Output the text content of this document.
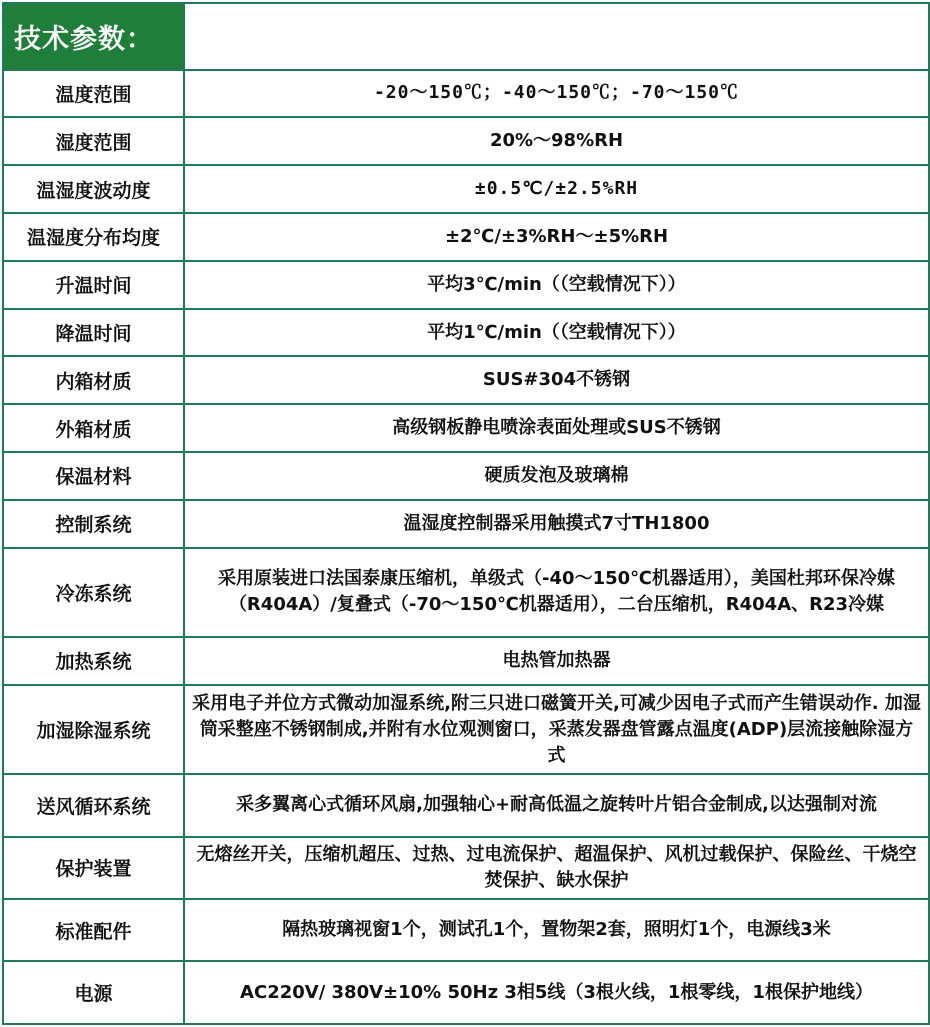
技术参数：	
温度范围	-20～150℃；-40～150℃；-70～150℃
湿度范围	20%～98%RH
温湿度波动度	±0.5℃/±2.5%RH
温湿度分布均度	±2℃/±3%RH～±5%RH
升温时间	平均3℃/min（（空载情况下））
降温时间	平均1℃/min（（空载情况下））
内箱材质	SUS#304不锈钢
外箱材质	高级钢板静电喷涂表面处理或SUS不锈钢
保温材料	硬质发泡及玻璃棉
控制系统	温湿度控制器采用触摸式7寸TH1800
冷冻系统	采用原装进口法国泰康压缩机，单级式（-40～150℃机器适用），美国杜邦环保冷媒（R404A）/复叠式（-70～150℃机器适用），二台压缩机，R404A、R23冷媒
加热系统	电热管加热器
加湿除湿系统	采用电子并位方式微动加湿系统,附三只进口磁簧开关,可减少因电子式而产生错误动作. 加湿筒采整座不锈钢制成,并附有水位观测窗口，采蒸发器盘管露点温度(ADP)层流接触除湿方式
送风循环系统	采多翼离心式循环风扇,加强轴心+耐高低温之旋转叶片铝合金制成,以达强制对流
保护装置	无熔丝开关，压缩机超压、过热、过电流保护、超温保护、风机过载保护、保险丝、干烧空焚保护、缺水保护
标准配件	隔热玻璃视窗1个，测试孔1个，置物架2套，照明灯1个，电源线3米
电源	AC220V/ 380V±10% 50Hz 3相5线（3根火线，1根零线，1根保护地线）
